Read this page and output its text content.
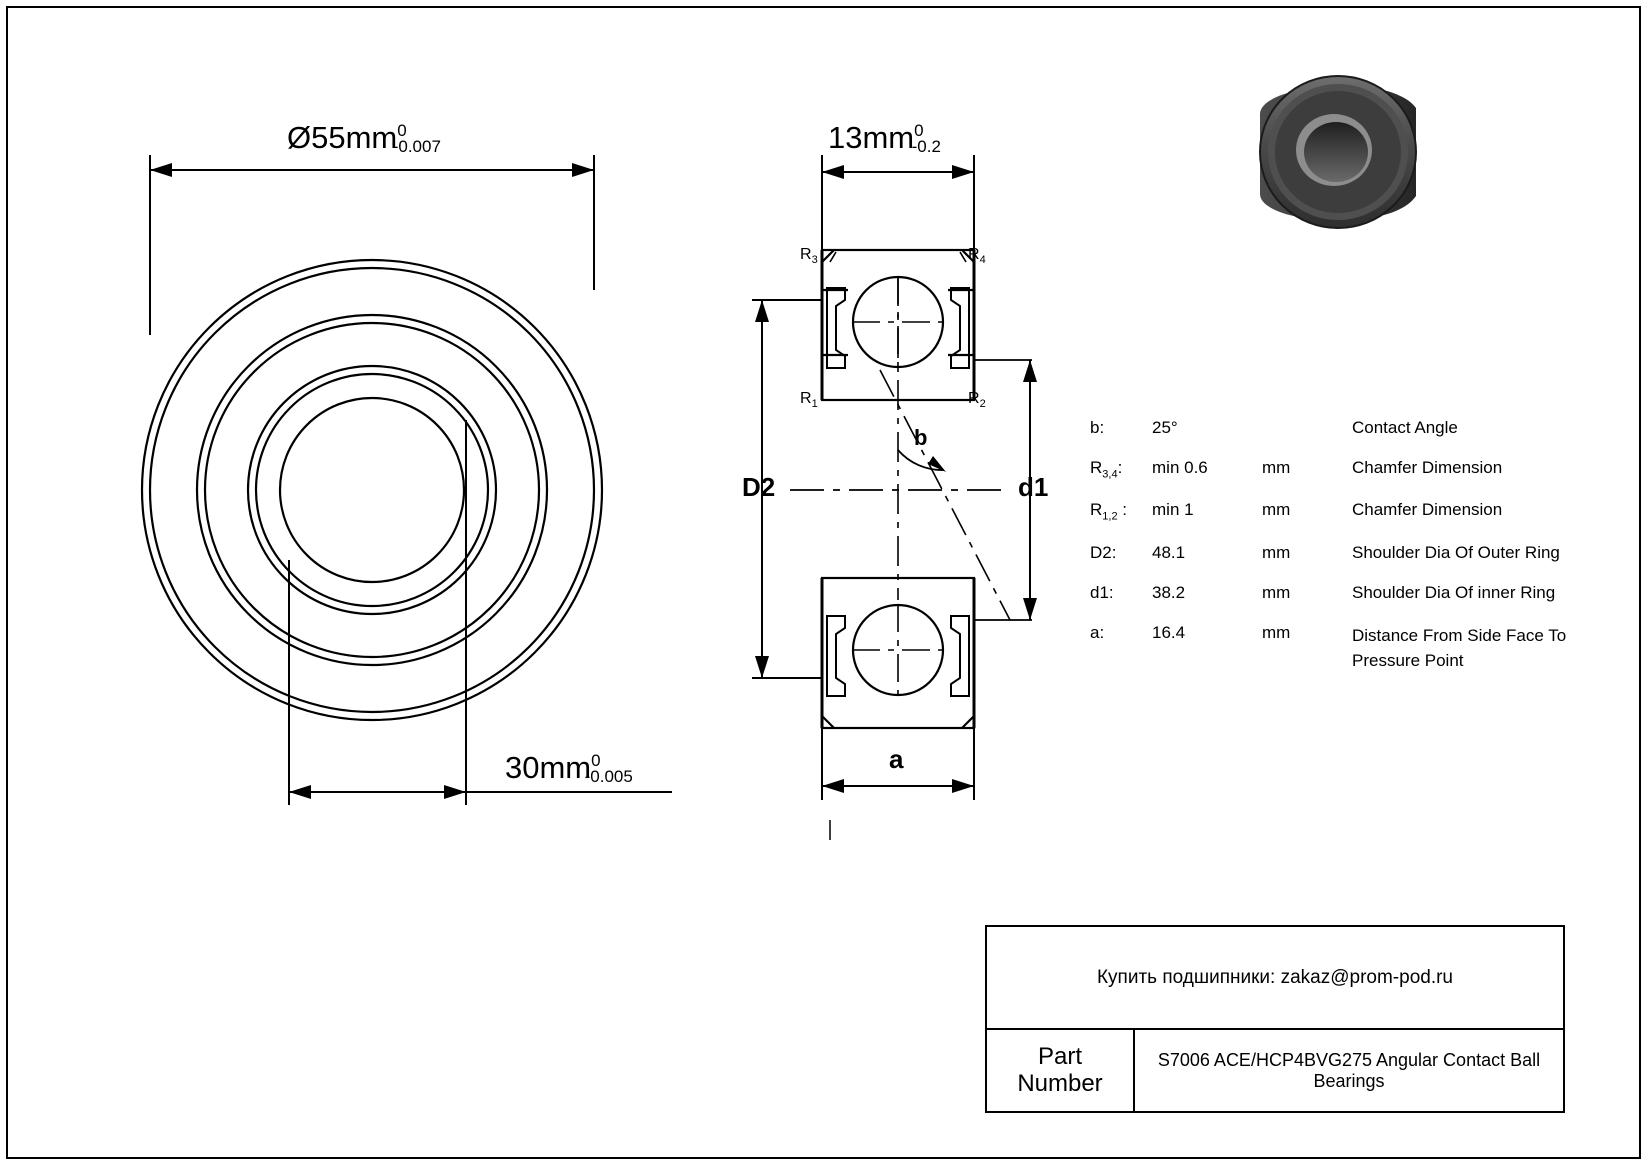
$Ø55mm^0-0.007$
$30mm^0-0.005$
$13mm^0-0.2$
$R_3$	$R_4$
$R_1$	$R_2$
b
D2	d1
a
b:	25°		Contact Angle
$R_{3,4}$:	min 0.6	mm	Chamfer Dimension
$R_{1,2}$ :	min 1	mm	Chamfer Dimension
D2:	48.1	mm	Shoulder Dia Of Outer Ring
d1:	38.2	mm	Shoulder Dia Of inner Ring
a:	16.4	mm	Distance From Side Face To Pressure Point
Купить подшипники: zakaz@prom-pod.ru
Part
Number
S7006 ACE/HCP4BVG275 Angular Contact Ball Bearings
